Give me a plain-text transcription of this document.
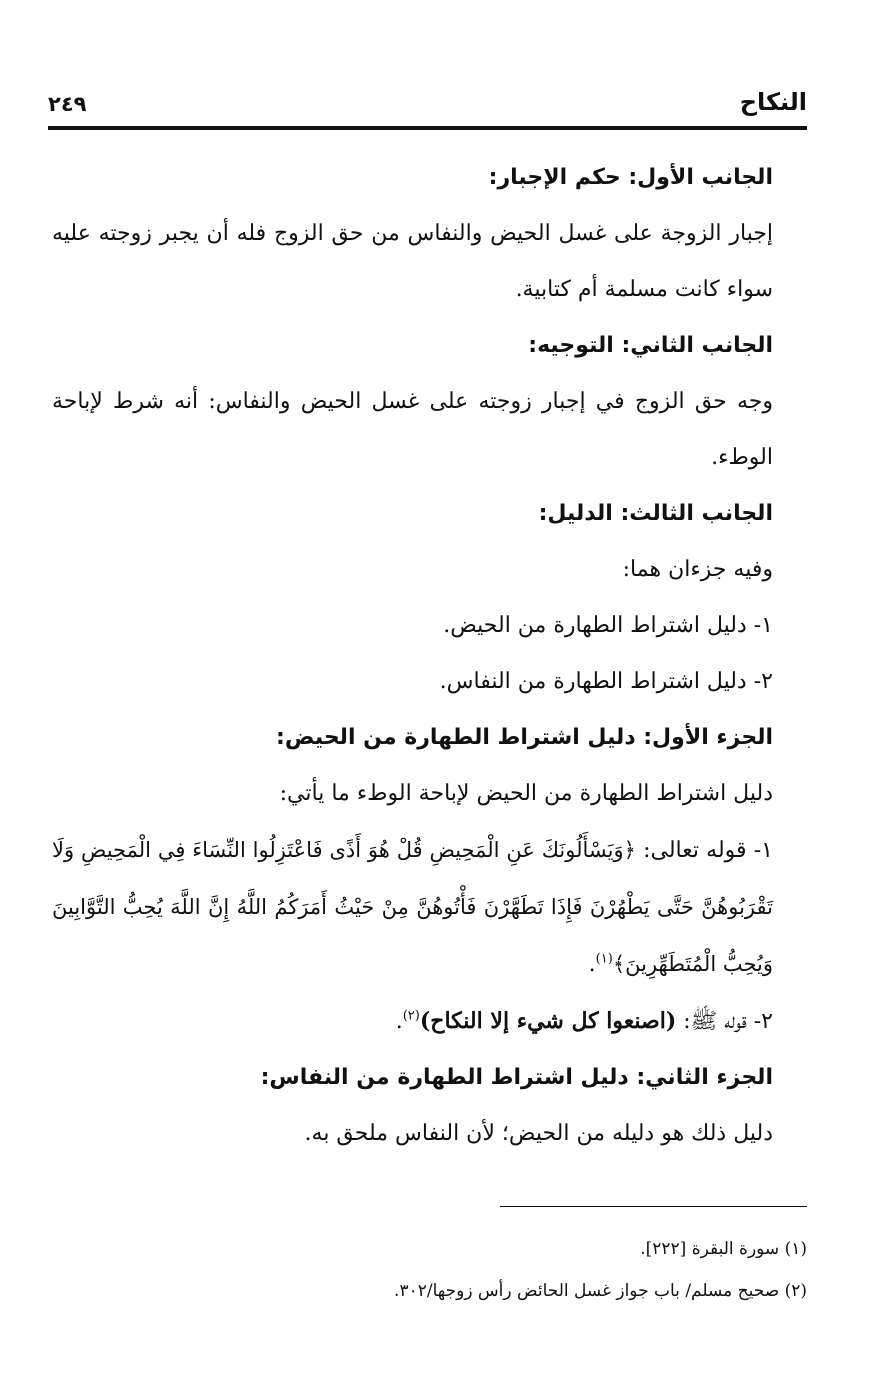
النكاح
٢٤٩

الجانب الأول: حكم الإجبار:

إجبار الزوجة على غسل الحيض والنفاس من حق الزوج فله أن يجبر زوجته عليه سواء كانت مسلمة أم كتابية.

الجانب الثاني: التوجيه:

وجه حق الزوج في إجبار زوجته على غسل الحيض والنفاس: أنه شرط لإباحة الوطء.

الجانب الثالث: الدليل:

وفيه جزءان هما:

١- دليل اشتراط الطهارة من الحيض.

٢- دليل اشتراط الطهارة من النفاس.

الجزء الأول: دليل اشتراط الطهارة من الحيض:

دليل اشتراط الطهارة من الحيض لإباحة الوطء ما يأتي:

١- قوله تعالى: ﴿وَيَسْأَلُونَكَ عَنِ الْمَحِيضِ قُلْ هُوَ أَذًى فَاعْتَزِلُوا النِّسَاءَ فِي الْمَحِيضِ وَلَا تَقْرَبُوهُنَّ حَتَّى يَطْهُرْنَ فَإِذَا تَطَهَّرْنَ فَأْتُوهُنَّ مِنْ حَيْثُ أَمَرَكُمُ اللَّهُ إِنَّ اللَّهَ يُحِبُّ التَّوَّابِينَ وَيُحِبُّ الْمُتَطَهِّرِينَ﴾$^{(١)}$.

٢- قوله ﷺ: (اصنعوا كل شيء إلا النكاح)$^{(٢)}$.

الجزء الثاني: دليل اشتراط الطهارة من النفاس:

دليل ذلك هو دليله من الحيض؛ لأن النفاس ملحق به.

(١) سورة البقرة [٢٢٢].

(٢) صحيح مسلم/ باب جواز غسل الحائض رأس زوجها/٣٠٢.
